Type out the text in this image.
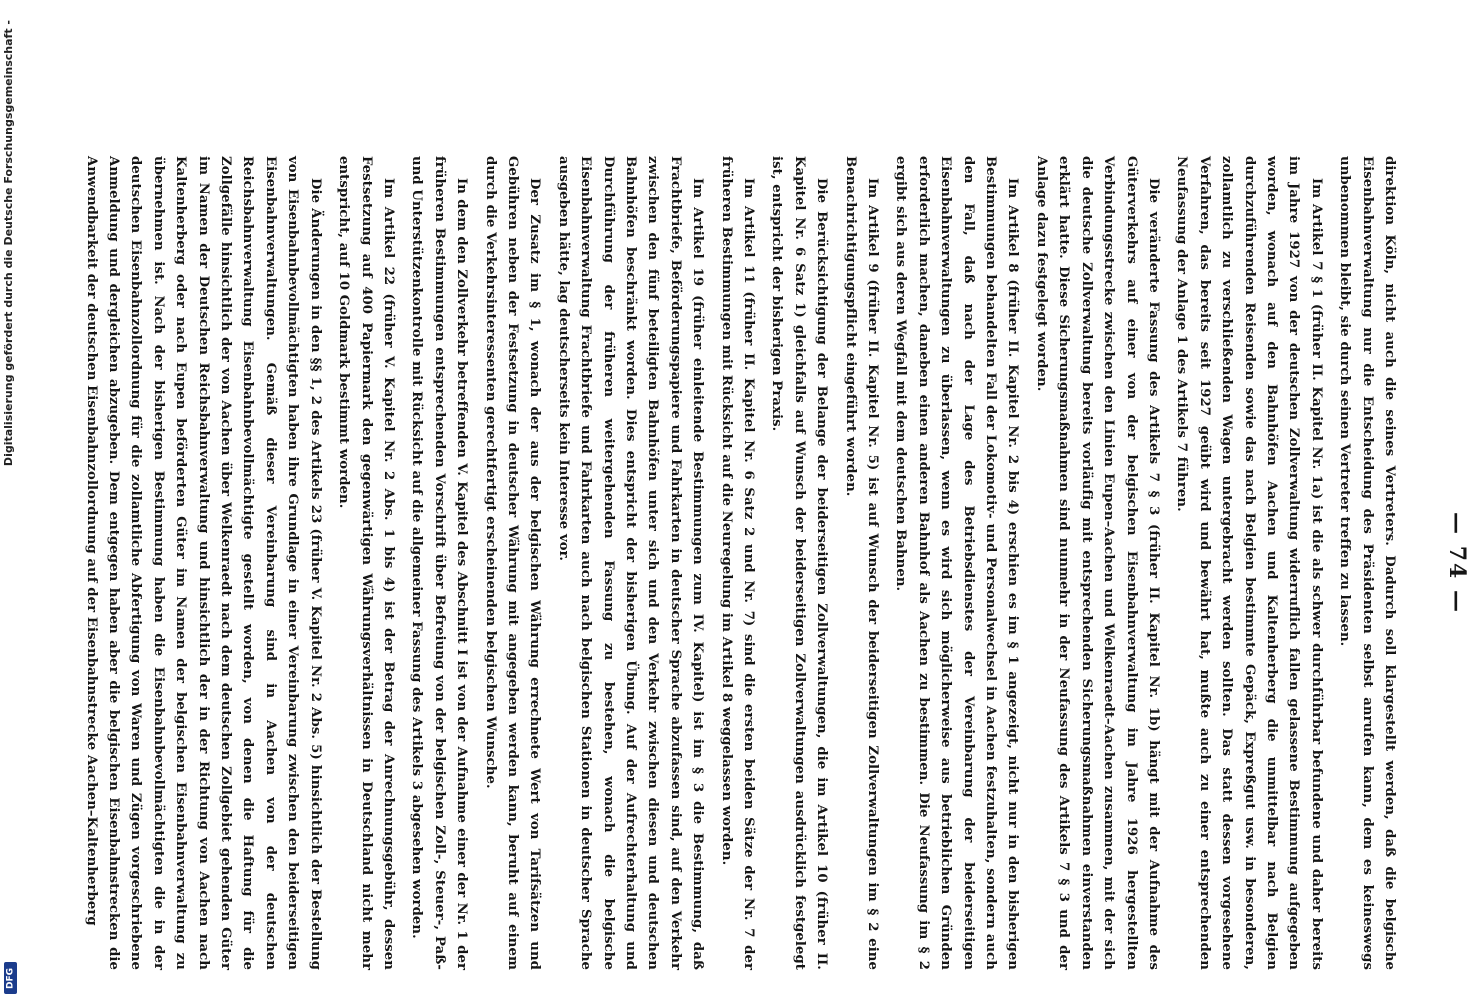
Digitalisierung gefördert durch die Deutsche Forschungsgemeinschaft -
DFG
— 74 —

direktion Köln, nicht auch die seines Vertreters. Dadurch soll klargestellt werden, daß die belgische Eisenbahnverwaltung nur die Entscheidung des Präsidenten selbst anrufen kann, dem es keineswegs unbenommen bleibt, sie durch seinen Vertreter treffen zu lassen.

Im Artikel 7 § 1 (früher II. Kapitel Nr. 1a) ist die als schwer durchführbar befundene und daher bereits im Jahre 1927 von der deutschen Zollverwaltung widerruflich fallen gelassene Bestimmung aufgegeben worden, wonach auf den Bahnhöfen Aachen und Kaltenherberg die unmittelbar nach Belgien durchzuführenden Reisenden sowie das nach Belgien bestimmte Gepäck, Expreßgut usw. in besonderen, zollamtlich zu verschließenden Wagen untergebracht werden sollten. Das statt dessen vorgesehene Verfahren, das bereits seit 1927 geübt wird und bewährt hat, mußte auch zu einer entsprechenden Neufassung der Anlage 1 des Artikels 7 führen.

Die veränderte Fassung des Artikels 7 § 3 (früher II. Kapitel Nr. 1b) hängt mit der Aufnahme des Güterverkehrs auf einer von der belgischen Eisenbahnverwaltung im Jahre 1926 hergestellten Verbindungsstrecke zwischen den Linien Eupen–Aachen und Welkenraedt–Aachen zusammen, mit der sich die deutsche Zollverwaltung bereits vorläufig mit entsprechenden Sicherungsmaßnahmen einverstanden erklärt hatte. Diese Sicherungsmaßnahmen sind nunmehr in der Neufassung des Artikels 7 § 3 und der Anlage dazu festgelegt worden.

Im Artikel 8 (früher II. Kapitel Nr. 2 bis 4) erschien es im § 1 angezeigt, nicht nur in den bisherigen Bestimmungen behandelten Fall der Lokomotiv- und Personalwechsel in Aachen festzuhalten, sondern auch den Fall, daß nach der Lage des Betriebsdienstes der Vereinbarung der beiderseitigen Eisenbahnverwaltungen zu überlassen, wenn es wird sich möglicherweise aus betrieblichen Gründen erforderlich machen, daneben einen anderen Bahnhof als Aachen zu bestimmen. Die Neufassung im § 2 ergibt sich aus deren Wegfall mit dem deutschen Bahnen.

Im Artikel 9 (früher II. Kapitel Nr. 5) ist auf Wunsch der beiderseitigen Zollverwaltungen im § 2 eine Benachrichtigungspflicht eingeführt worden.

Die Berücksichtigung der Belange der beiderseitigen Zollverwaltungen, die im Artikel 10 (früher II. Kapitel Nr. 6 Satz 1) gleichfalls auf Wunsch der beiderseitigen Zollverwaltungen ausdrücklich festgelegt ist, entspricht der bisherigen Praxis.

Im Artikel 11 (früher II. Kapitel Nr. 6 Satz 2 und Nr. 7) sind die ersten beiden Sätze der Nr. 7 der früheren Bestimmungen mit Rücksicht auf die Neuregelung im Artikel 8 weggelassen worden.

Im Artikel 19 (früher einleitende Bestimmungen zum IV. Kapitel) ist im § 3 die Bestimmung, daß Frachtbriefe, Beförderungspapiere und Fahrkarten in deutscher Sprache abzufassen sind, auf den Verkehr zwischen den fünf beteiligten Bahnhöfen unter sich und den Verkehr zwischen diesen und deutschen Bahnhöfen beschränkt worden. Dies entspricht der bisherigen Übung. Auf der Aufrechterhaltung und Durchführung der früheren weitergehenden Fassung zu bestehen, wonach die belgische Eisenbahnverwaltung Frachtbriefe und Fahrkarten auch nach belgischen Stationen in deutscher Sprache ausgeben hätte, lag deutscherseits kein Interesse vor.

Der Zusatz im § 1, wonach der aus der belgischen Währung errechnete Wert von Tarifsätzen und Gebühren neben der Festsetzung in deutscher Währung mit angegeben werden kann, beruht auf einem durch die Verkehrsinteressenten gerechtfertigt erscheinenden belgischen Wunsche.

In dem den Zollverkehr betreffenden V. Kapitel des Abschnitt I ist von der Aufnahme einer der Nr. 1 der früheren Bestimmungen entsprechenden Vorschrift über Befreiung von der belgischen Zoll-, Steuer-, Paß- und Unterstützenkontrolle mit Rücksicht auf die allgemeiner Fassung des Artikels 3 abgesehen worden.

Im Artikel 22 (früher V. Kapitel Nr. 2 Abs. 1 bis 4) ist der Betrag der Anrechnungsgebühr, dessen Festsetzung auf 400 Papiermark den gegenwärtigen Währungsverhältnissen in Deutschland nicht mehr entspricht, auf 10 Goldmark bestimmt worden.

Die Änderungen in den §§ 1, 2 des Artikels 23 (früher V. Kapitel Nr. 2 Abs. 5) hinsichtlich der Bestellung von Eisenbahnbevollmächtigten haben ihre Grundlage in einer Vereinbarung zwischen den beiderseitigen Eisenbahnverwaltungen. Gemäß dieser Vereinbarung sind in Aachen von der deutschen Reichsbahnverwaltung Eisenbahnbevollmächtigte gestellt worden, von denen die Haftung für die Zollgefälle hinsichtlich der von Aachen über Welkenraedt nach dem deutschen Zollgebiet gehenden Güter im Namen der Deutschen Reichsbahnverwaltung und hinsichtlich der in der Richtung von Aachen nach Kaltenherberg oder nach Eupen beförderten Güter im Namen der belgischen Eisenbahnverwaltung zu übernehmen ist. Nach der bisherigen Bestimmung haben die Eisenbahnbevollmächtigten die in der deutschen Eisenbahnzollordnung für die zollamtliche Abfertigung von Waren und Zügen vorgeschriebene Anmeldung und dergleichen abzugeben. Dem entgegen haben aber die belgischen Eisenbahnstrecken die Anwendbarkeit der deutschen Eisenbahnzollordnung auf der Eisenbahnstrecke Aachen–Kaltenherberg
